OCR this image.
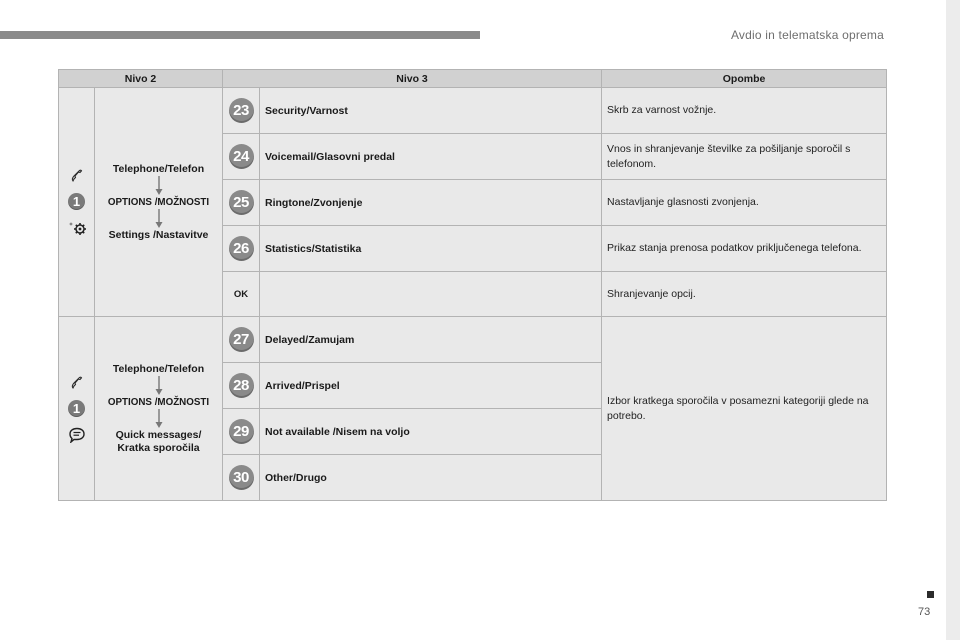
Avdio in telematska oprema
73
Nivo 2		Nivo 3		Opombe

1	Telephone/Telefon
OPTIONS /MOŽNOSTI
Settings /Nastavitve	23	Security/Varnost	Skrb za varnost vožnje.
		24	Voicemail/Glasovni predal	Vnos in shranjevanje številke za pošiljanje sporočil s telefonom.
		25	Ringtone/Zvonjenje	Nastavljanje glasnosti zvonjenja.
		26	Statistics/Statistika	Prikaz stanja prenosa podatkov priključenega telefona.
		OK		Shranjevanje opcij.

1	Telephone/Telefon
OPTIONS /MOŽNOSTI
Quick messages/ Kratka sporočila	27	Delayed/Zamujam	Izbor kratkega sporočila v posamezni kategoriji glede na potrebo.
		28	Arrived/Prispel	
		29	Not available /Nisem na voljo	
		30	Other/Drugo	
